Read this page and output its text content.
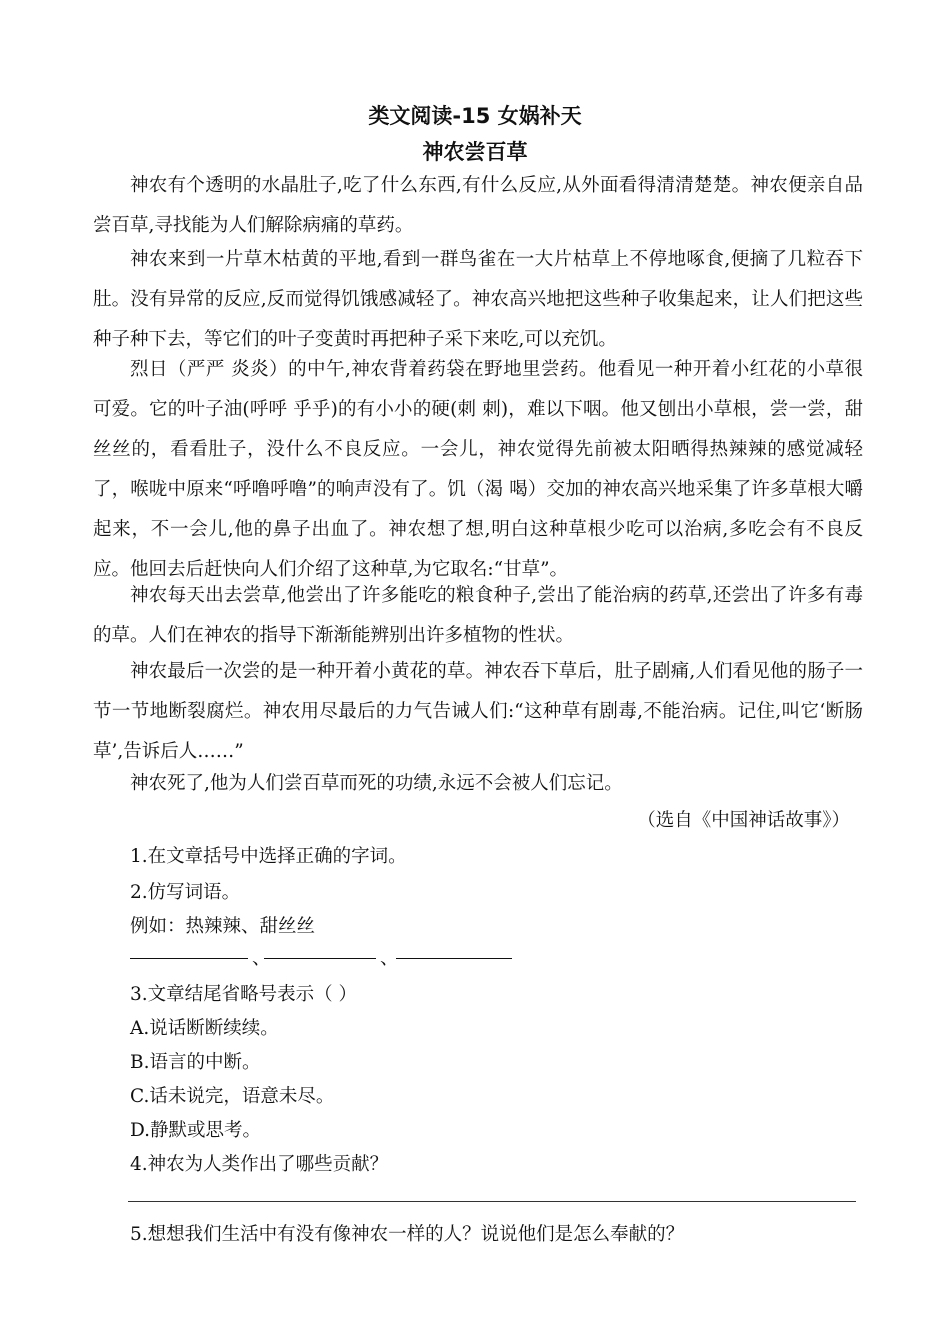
类文阅读-15 女娲补天
神农尝百草

神农有个透明的水晶肚子,吃了什么东西,有什么反应,从外面看得清清楚楚。神农便亲自品尝百草,寻找能为人们解除病痛的草药。

神农来到一片草木枯黄的平地,看到一群鸟雀在一大片枯草上不停地啄食,便摘了几粒吞下肚。没有异常的反应,反而觉得饥饿感减轻了。神农高兴地把这些种子收集起来，让人们把这些种子种下去，等它们的叶子变黄时再把种子采下来吃,可以充饥。

烈日（严严 炎炎）的中午,神农背着药袋在野地里尝药。他看见一种开着小红花的小草很可爱。它的叶子油(呼呼 乎乎)的有小小的硬(刺 刺)，难以下咽。他又刨出小草根，尝一尝，甜丝丝的，看看肚子，没什么不良反应。一会儿，神农觉得先前被太阳晒得热辣辣的感觉减轻了，喉咙中原来“呼噜呼噜”的响声没有了。饥（渴 喝）交加的神农高兴地采集了许多草根大嚼起来，不一会儿,他的鼻子出血了。神农想了想,明白这种草根少吃可以治病,多吃会有不良反应。他回去后赶快向人们介绍了这种草,为它取名:“甘草”。

神农每天出去尝草,他尝出了许多能吃的粮食种子,尝出了能治病的药草,还尝出了许多有毒的草。人们在神农的指导下渐渐能辨别出许多植物的性状。

神农最后一次尝的是一种开着小黄花的草。神农吞下草后，肚子剧痛,人们看见他的肠子一节一节地断裂腐烂。神农用尽最后的力气告诫人们:“这种草有剧毒,不能治病。记住,叫它‘断肠草’,告诉后人……”

神农死了,他为人们尝百草而死的功绩,永远不会被人们忘记。

（选自《中国神话故事》）
1.在文章括号中选择正确的字词。
2.仿写词语。
例如：热辣辣、甜丝丝
、	、
3.文章结尾省略号表示（ ）
A.说话断断续续。
B.语言的中断。
C.话未说完，语意未尽。
D.静默或思考。
4.神农为人类作出了哪些贡献？
5.想想我们生活中有没有像神农一样的人？说说他们是怎么奉献的？
